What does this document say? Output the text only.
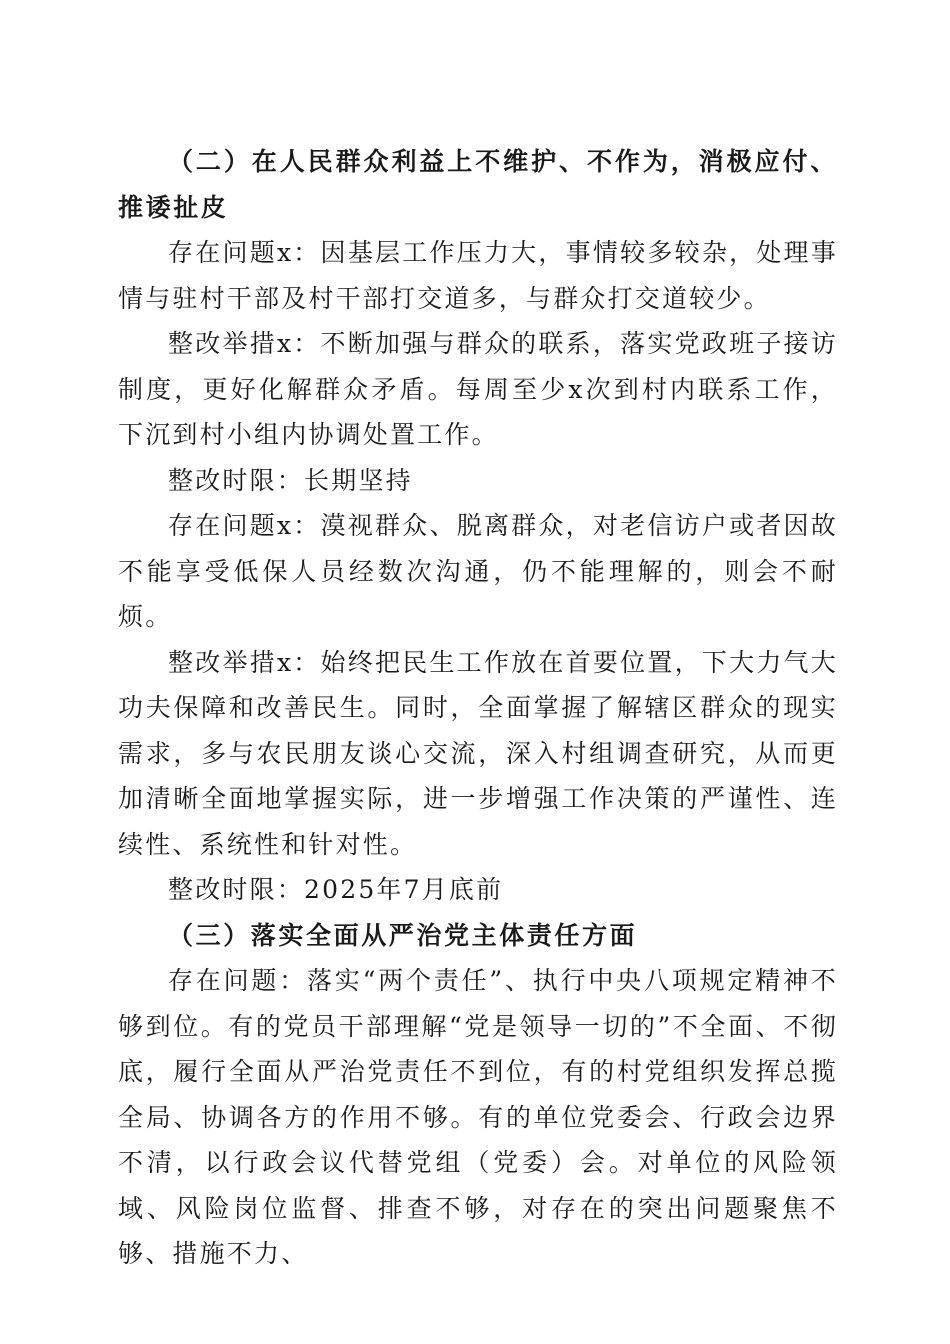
（二）在人民群众利益上不维护、不作为，消极应付、推诿扯皮

存在问题x：因基层工作压力大，事情较多较杂，处理事情与驻村干部及村干部打交道多，与群众打交道较少。

整改举措x：不断加强与群众的联系，落实党政班子接访制度，更好化解群众矛盾。每周至少x次到村内联系工作，下沉到村小组内协调处置工作。

整改时限：长期坚持

存在问题x：漠视群众、脱离群众，对老信访户或者因故不能享受低保人员经数次沟通，仍不能理解的，则会不耐烦。

整改举措x：始终把民生工作放在首要位置，下大力气大功夫保障和改善民生。同时，全面掌握了解辖区群众的现实需求，多与农民朋友谈心交流，深入村组调查研究，从而更加清晰全面地掌握实际，进一步增强工作决策的严谨性、连续性、系统性和针对性。

整改时限：2025年7月底前

（三）落实全面从严治党主体责任方面

存在问题：落实“两个责任”、执行中央八项规定精神不够到位。有的党员干部理解“党是领导一切的”不全面、不彻底，履行全面从严治党责任不到位，有的村党组织发挥总揽全局、协调各方的作用不够。有的单位党委会、行政会边界不清，以行政会议代替党组（党委）会。对单位的风险领域、风险岗位监督、排查不够，对存在的突出问题聚焦不够、措施不力、
